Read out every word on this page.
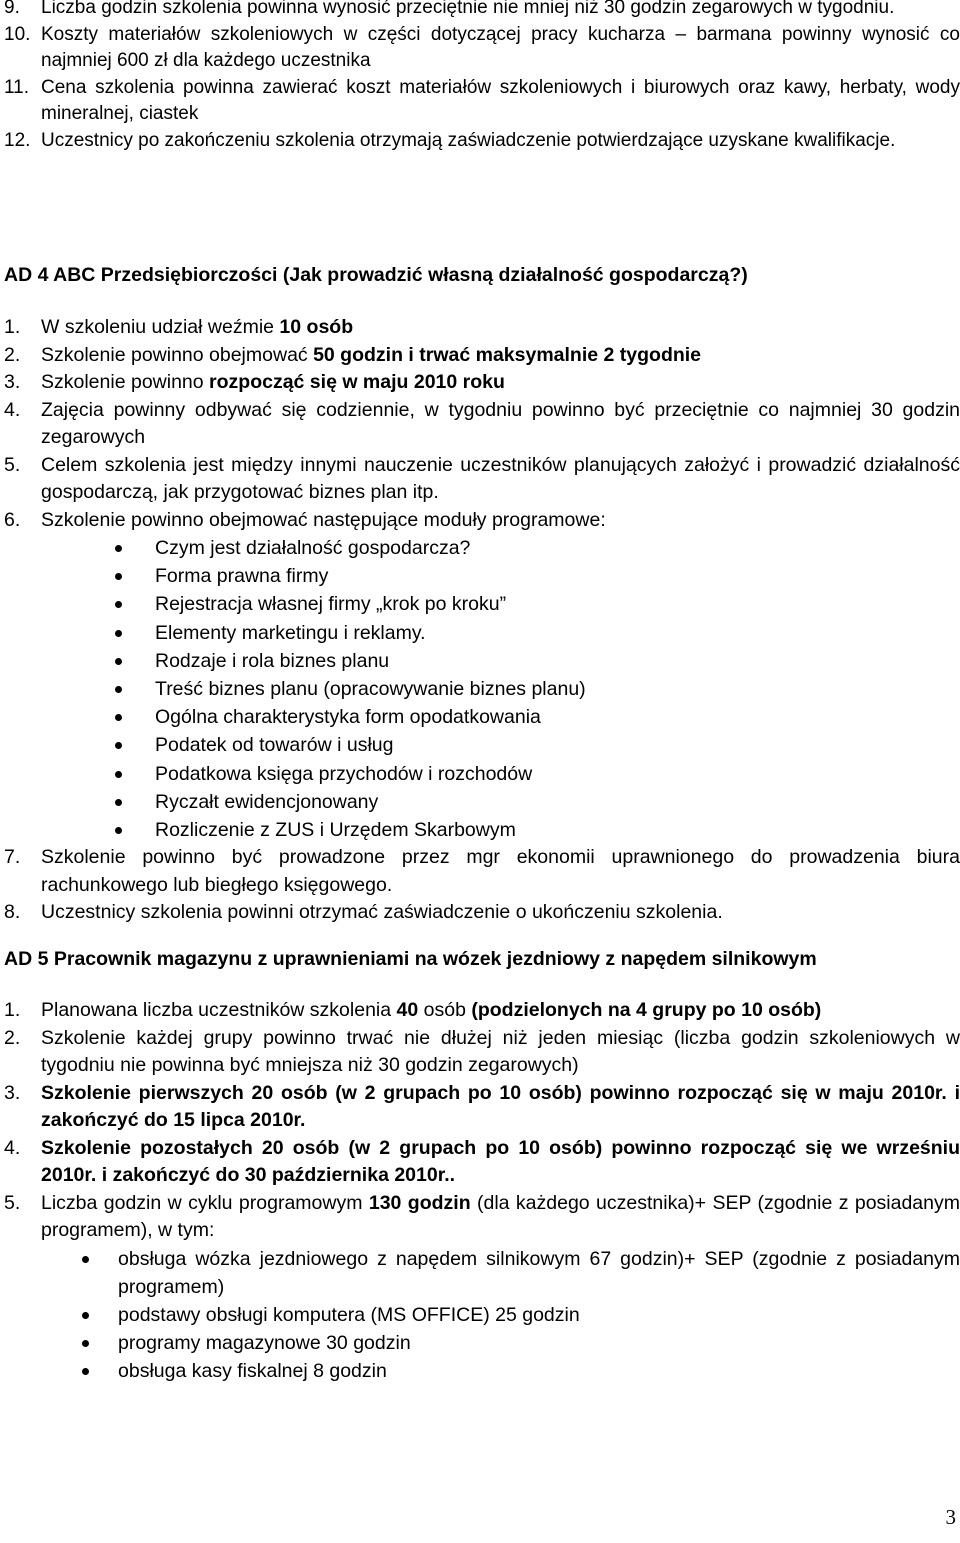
9. Liczba godzin szkolenia powinna wynosić przeciętnie nie mniej niż 30 godzin zegarowych w tygodniu.
10. Koszty materiałów szkoleniowych w części dotyczącej pracy kucharza – barmana powinny wynosić co najmniej 600 zł dla każdego uczestnika
11. Cena szkolenia powinna zawierać koszt materiałów szkoleniowych i biurowych oraz kawy, herbaty, wody mineralnej, ciastek
12. Uczestnicy po zakończeniu szkolenia otrzymają zaświadczenie potwierdzające uzyskane kwalifikacje.
AD 4 ABC Przedsiębiorczości (Jak prowadzić własną działalność gospodarczą?)
1. W szkoleniu udział weźmie 10 osób
2. Szkolenie powinno obejmować 50 godzin i trwać maksymalnie 2 tygodnie
3. Szkolenie powinno rozpocząć się w maju 2010 roku
4. Zajęcia powinny odbywać się codziennie, w tygodniu powinno być przeciętnie co najmniej 30 godzin zegarowych
5. Celem szkolenia jest między innymi nauczenie uczestników planujących założyć i prowadzić działalność gospodarczą, jak przygotować biznes plan itp.
6. Szkolenie powinno obejmować następujące moduły programowe:
Czym jest działalność gospodarcza?
Forma prawna firmy
Rejestracja własnej firmy „krok po kroku”
Elementy marketingu i reklamy.
Rodzaje i rola biznes planu
Treść biznes planu (opracowywanie biznes planu)
Ogólna charakterystyka form opodatkowania
Podatek od towarów i usług
Podatkowa księga przychodów i rozchodów
Ryczałt ewidencjonowany
Rozliczenie z ZUS i Urzędem Skarbowym
7. Szkolenie powinno być prowadzone przez mgr ekonomii uprawnionego do prowadzenia biura rachunkowego lub biegłego księgowego.
8. Uczestnicy szkolenia powinni otrzymać zaświadczenie o ukończeniu szkolenia.
AD 5 Pracownik magazynu z uprawnieniami na wózek jezdniowy z napędem silnikowym
1. Planowana liczba uczestników szkolenia 40 osób (podzielonych na 4 grupy po 10 osób)
2. Szkolenie każdej grupy powinno trwać nie dłużej niż jeden miesiąc (liczba godzin szkoleniowych w tygodniu nie powinna być mniejsza niż 30 godzin zegarowych)
3. Szkolenie pierwszych 20 osób (w 2 grupach po 10 osób) powinno rozpocząć się w maju 2010r. i zakończyć do 15 lipca 2010r.
4. Szkolenie pozostałych 20 osób (w 2 grupach po 10 osób) powinno rozpocząć się we wrześniu 2010r. i zakończyć do 30 października 2010r..
5. Liczba godzin w cyklu programowym 130 godzin (dla każdego uczestnika)+ SEP (zgodnie z posiadanym programem), w tym:
obsługa wózka jezdniowego z napędem silnikowym 67 godzin)+ SEP (zgodnie z posiadanym programem)
podstawy obsługi komputera (MS OFFICE) 25 godzin
programy magazynowe 30 godzin
obsługa kasy fiskalnej 8 godzin
3
